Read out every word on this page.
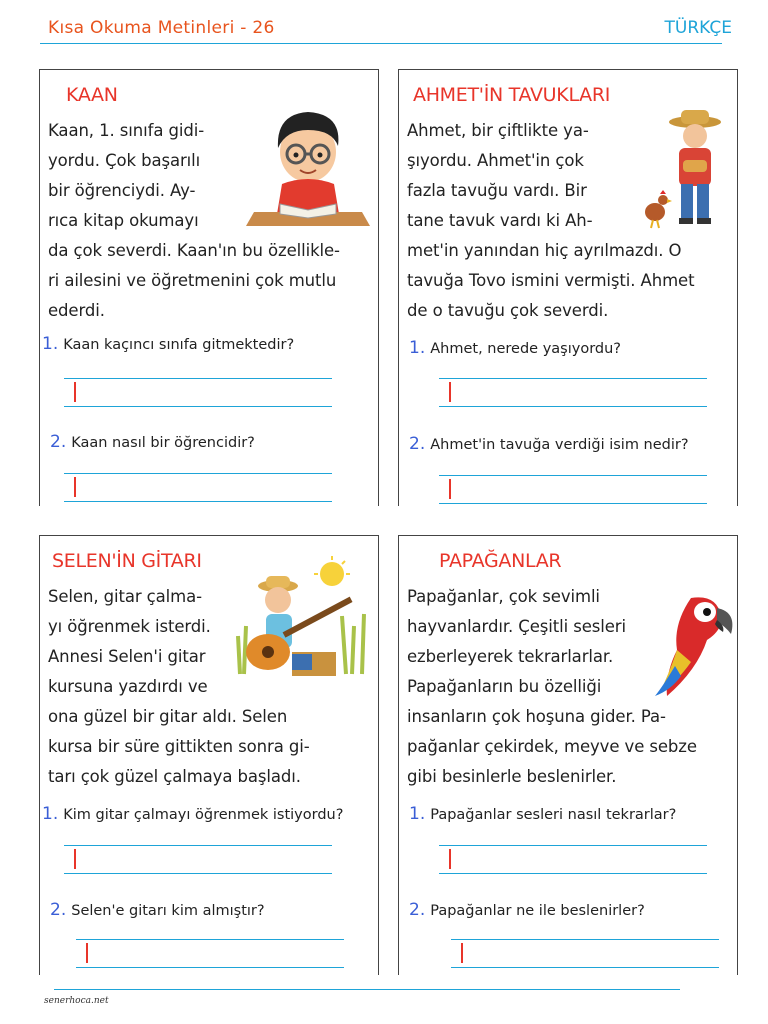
Kısa Okuma Metinleri - 26	TÜRKÇE
KAAN
Kaan, 1. sınıfa gidi-
yordu. Çok başarılı
bir öğrenciydi. Ay-
rıca kitap okumayı
da çok severdi. Kaan'ın bu özellikle-
ri ailesini ve öğretmenini çok mutlu
ederdi.
1. Kaan kaçıncı sınıfa gitmektedir?
2. Kaan nasıl bir öğrencidir?
AHMET'İN TAVUKLARI
Ahmet, bir çiftlikte ya-
şıyordu. Ahmet'in çok
fazla tavuğu vardı. Bir
tane tavuk vardı ki Ah-
met'in yanından hiç ayrılmazdı. O
tavuğa Tovo ismini vermişti. Ahmet
de o tavuğu çok severdi.
1. Ahmet, nerede yaşıyordu?
2. Ahmet'in tavuğa verdiği isim nedir?
SELEN'İN GİTARI
Selen, gitar çalma-
yı öğrenmek isterdi.
Annesi Selen'i gitar
kursuna yazdırdı ve
ona güzel bir gitar aldı. Selen
kursa bir süre gittikten sonra gi-
tarı çok güzel çalmaya başladı.
1. Kim gitar çalmayı öğrenmek istiyordu?
2. Selen'e gitarı kim almıştır?
PAPAĞANLAR
Papağanlar, çok sevimli
hayvanlardır. Çeşitli sesleri
ezberleyerek tekrarlarlar.
Papağanların bu özelliği
insanların çok hoşuna gider. Pa-
pağanlar çekirdek, meyve ve sebze
gibi besinlerle beslenirler.
1. Papağanlar sesleri nasıl tekrarlar?
2. Papağanlar ne ile beslenirler?
senerhoca.net
